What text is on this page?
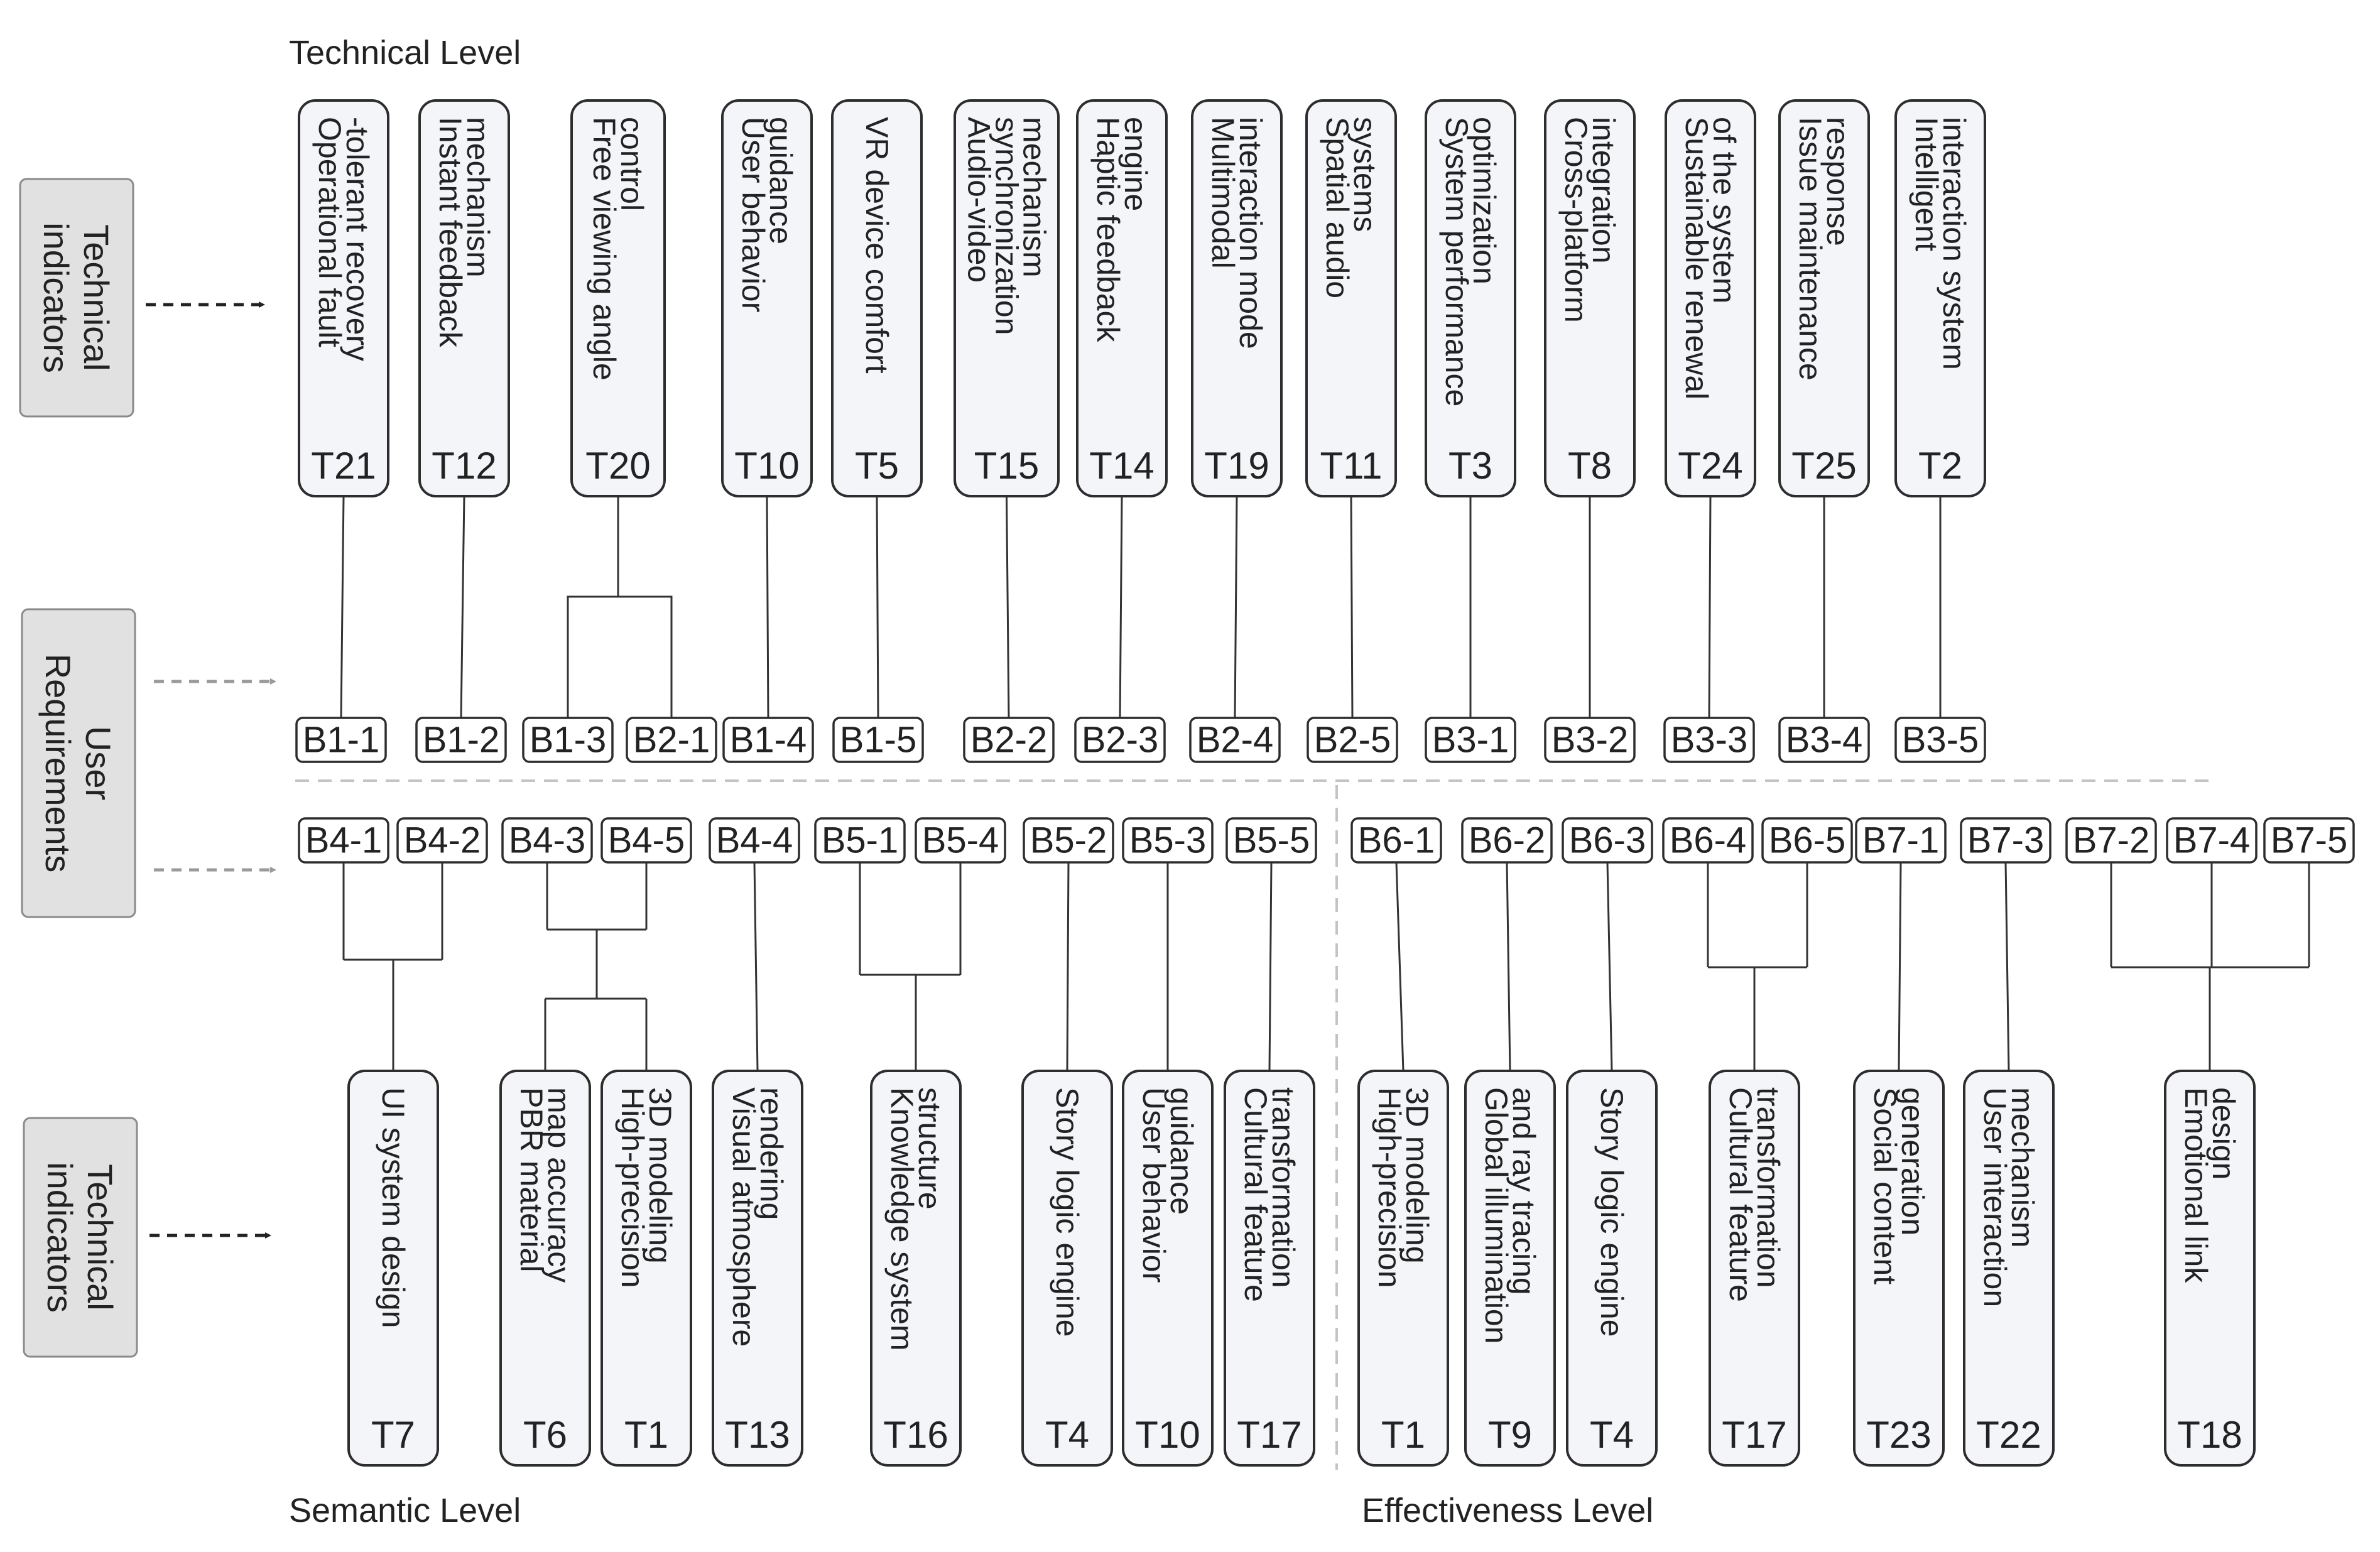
Technical Level
Semantic Level	Effectiveness Level
Technical
indicators
User
Requirements
Technical
indicators
T21
Operational fault
-tolerant recovery
T12
Instant feedback
mechanism
T20
Free viewing angle
control
T10
User behavior
guidance
T5
VR device comfort
T15
Audio-video
synchronization
mechanism
T14
Haptic feedback
engine
T19
Multimodal
interaction mode
T11
Spatial audio
systems
T3
System performance
optimization
T8
Cross-platform
integration
T24
Sustainable renewal
of the system
T25
Issue maintenance
response
T2
Intelligent
interaction system
B1-1 B1-2 B1-3 B2-1 B1-4 B1-5 B2-2 B2-3 B2-4 B2-5 B3-1 B3-2 B3-3 B3-4 B3-5
B4-1 B4-2 B4-3 B4-5 B4-4 B5-1 B5-4 B5-2 B5-3 B5-5 B6-1 B6-2 B6-3 B6-4 B6-5 B7-1 B7-3 B7-2 B7-4 B7-5
T7
UI system design
T6
PBR material
map accuracy
T1
High-precision
3D modeling
T13
Visual atmosphere
rendering
T16
Knowledge system
structure
T4
Story logic engine
T10
User behavior
guidance
T17
Cultural feature
transformation
T1
High-precision
3D modeling
T9
Global illumination
and ray tracing
T4
Story logic engine
T17
Cultural feature
transformation
T23
Social content
generation
T22
User interaction
mechanism
T18
Emotional link
design
